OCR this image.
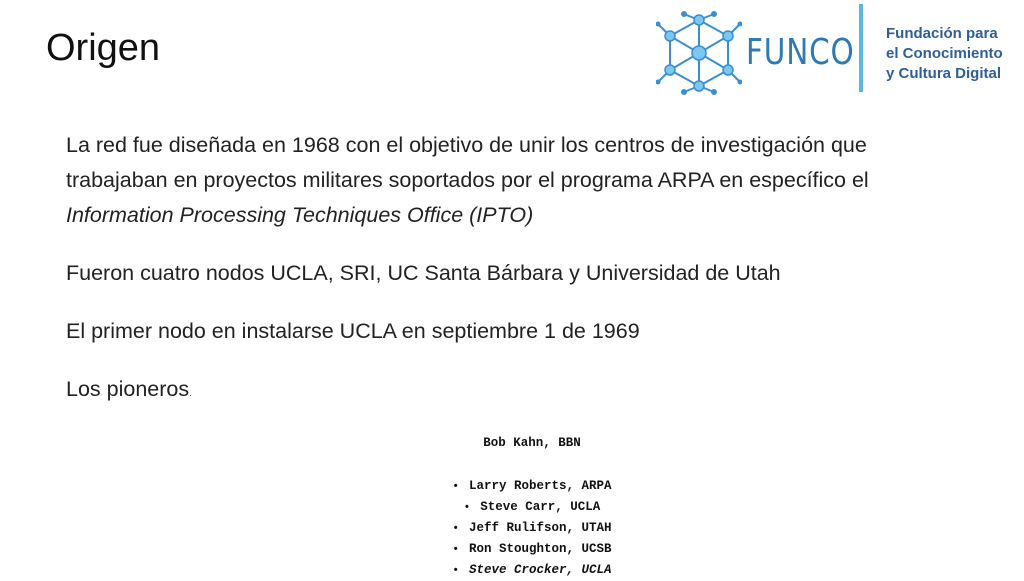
Origen	FUNCO Fundación para
el Conocimiento
y Cultura Digital

La red fue diseñada en 1968 con el objetivo de unir los centros de investigación que trabajaban en proyectos militares soportados por el programa ARPA en específico el Information Processing Techniques Office (IPTO)

Fueron cuatro nodos UCLA, SRI, UC Santa Bárbara y Universidad de Utah

El primer nodo en instalarse UCLA en septiembre 1 de 1969

Los pioneros·

Bob Kahn, BBN
• Larry Roberts, ARPA
• Steve Carr, UCLA
• Jeff Rulifson, UTAH
• Ron Stoughton, UCSB
• Steve Crocker, UCLA
